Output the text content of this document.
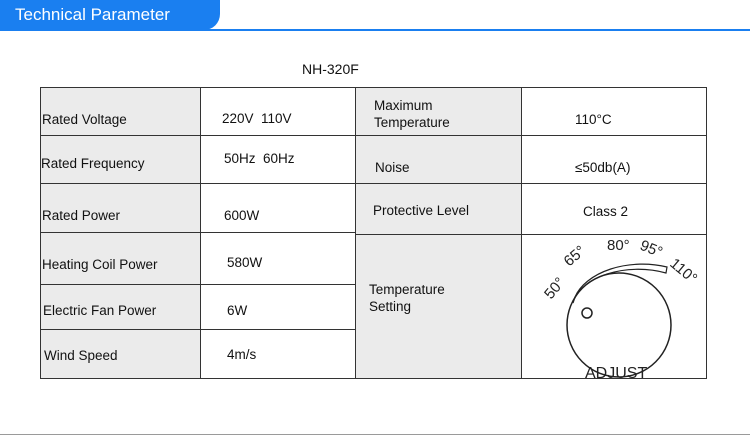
Technical Parameter
NH-320F
Rated Voltage
Rated Frequency
Rated Power
Heating Coil Power
Electric Fan Power
Wind Speed
220V  110V
50Hz  60Hz
600W
580W
6W
4m/s
Maximum
Temperature
Noise
Protective Level
Temperature
Setting
110°C
≤50db(A)
Class 2
50°
65° 80° 95°
110°
ADJUST
